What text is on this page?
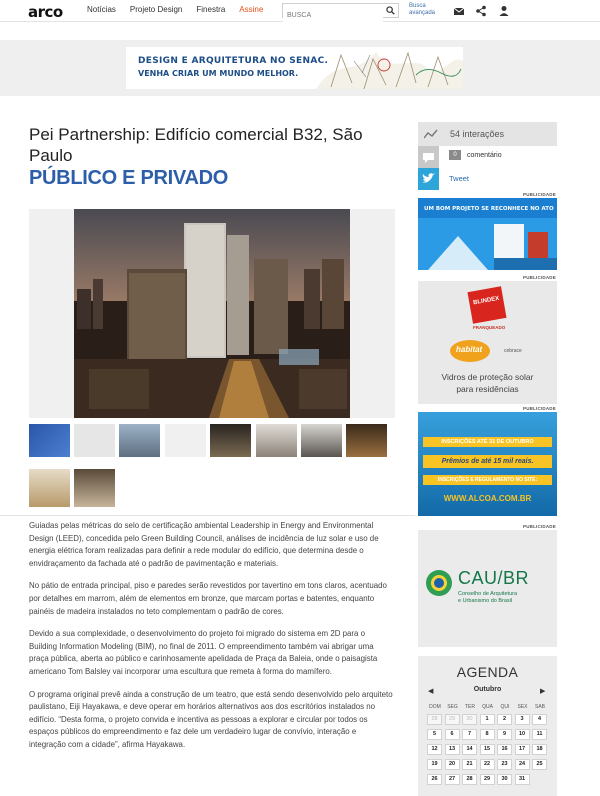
arco	Notícias Projeto Design Finestra Assine
BUSCA	Busca avançada
DESIGN E ARQUITETURA NO SENAC.
VENHA CRIAR UM MUNDO MELHOR.
Pei Partnership: Edifício comercial B32, São Paulo
PÚBLICO E PRIVADO

Guiadas pelas métricas do selo de certificação ambiental Leadership in Energy and Environmental Design (LEED), concedida pelo Green Building Council, análises de incidência de luz solar e uso de energia elétrica foram realizadas para definir a rede modular do edifício, que determina desde o envidraçamento da fachada até o padrão de pavimentação e materiais.

No pátio de entrada principal, piso e paredes serão revestidos por tavertino em tons claros, acentuado por detalhes em marrom, além de elementos em bronze, que marcam portas e batentes, enquanto painéis de madeira instalados no teto complementam o padrão de cores.

Devido a sua complexidade, o desenvolvimento do projeto foi migrado do sistema em 2D para o Building Information Modeling (BIM), no final de 2011. O empreendimento também vai abrigar uma praça pública, aberta ao público e carinhosamente apelidada de Praça da Baleia, onde o paisagista americano Tom Balsley vai incorporar uma escultura que remeta à forma do mamífero.

O programa original prevê ainda a construção de um teatro, que está sendo desenvolvido pelo arquiteto paulistano, Eiji Hayakawa, e deve operar em horários alternativos aos dos escritórios instalados no edifício. “Desta forma, o projeto convida e incentiva as pessoas a explorar e circular por todos os espaços públicos do empreendimento e faz dele um verdadeiro lugar de convívio, interação e integração com a cidade”, afirma Hayakawa.

54 interações
0	comentário
Tweet
PUBLICIDADE
UM BOM PROJETO SE RECONHECE NO ATO
PUBLICIDADE
BLINDEX
FRANQUEADO
habitat	cebrace
Vidros de proteção solar
para residências
PUBLICIDADE
INSCRIÇÕES ATÉ 31 DE OUTUBRO
Prêmios de até 15 mil reais.
INSCRIÇÕES E REGULAMENTO NO SITE:
WWW.ALCOA.COM.BR
PUBLICIDADE
CAU/BR
Conselho de Arquitetura
e Urbanismo do Brasil
AGENDA
◀	Outubro	▶
DOM	SEG	TER	QUA	QUI	SEX	SAB
28	29	30	1	2	3	4
5	6	7	8	9	10	11
12	13	14	15	16	17	18
19	20	21	22	23	24	25
26	27	28	29	30	31
